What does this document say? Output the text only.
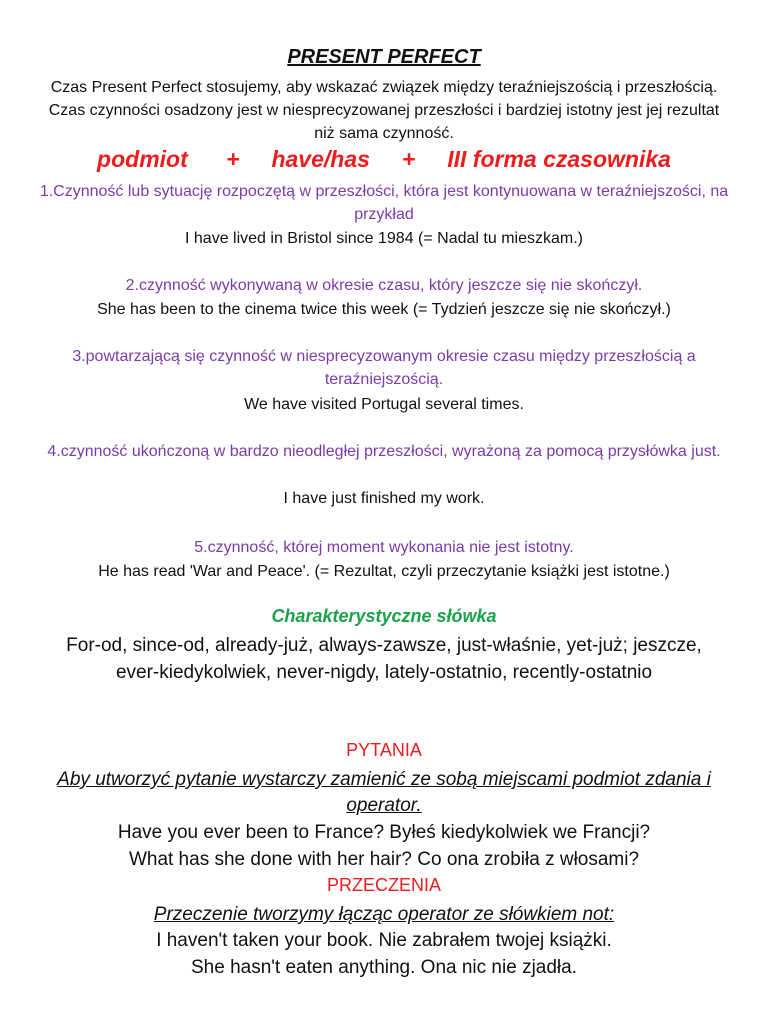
PRESENT PERFECT
Czas Present Perfect stosujemy, aby wskazać związek między teraźniejszością i przeszłością. Czas czynności osadzony jest w niesprecyzowanej przeszłości i bardziej istotny jest jej rezultat niż sama czynność.
podmiot      +     have/has     +     III forma czasownika
1.Czynność lub sytuację rozpoczętą w przeszłości, która jest kontynuowana w teraźniejszości, na przykład
I have lived in Bristol since 1984 (= Nadal tu mieszkam.)
2.czynność wykonywaną w okresie czasu, który jeszcze się nie skończył.
She has been to the cinema twice this week (= Tydzień jeszcze się nie skończył.)
3.powtarzającą się czynność w niesprecyzowanym okresie czasu między przeszłością a teraźniejszością.
We have visited Portugal several times.
4.czynność ukończoną w bardzo nieodległej przeszłości, wyrażoną za pomocą przysłówka just.
I have just finished my work.
5.czynność, której moment wykonania nie jest istotny.
He has read 'War and Peace'. (= Rezultat, czyli przeczytanie książki jest istotne.)
Charakterystyczne słówka
For-od, since-od, already-już, always-zawsze, just-właśnie, yet-już; jeszcze, ever-kiedykolwiek, never-nigdy, lately-ostatnio, recently-ostatnio
PYTANIA
Aby utworzyć pytanie wystarczy zamienić ze sobą miejscami podmiot zdania i operator.
Have you ever been to France? Byłeś kiedykolwiek we Francji?
What has she done with her hair? Co ona zrobiła z włosami?
PRZECZENIA
Przeczenie tworzymy łącząc operator ze słówkiem not:
I haven't taken your book. Nie zabrałem twojej książki.
She hasn't eaten anything. Ona nic nie zjadła.
